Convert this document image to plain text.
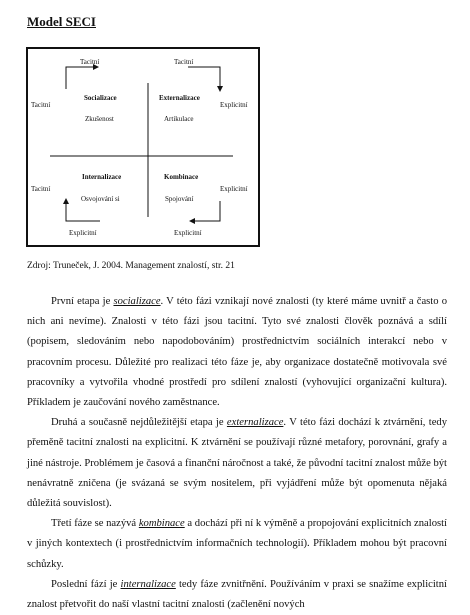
Model SECI
Tacitní
Tacitní
Tacitní
Explicitní
Tacitní
Explicitní
Explicitní
Explicitní
Socializace
Zkušenost
Externalizace
Artikulace
Internalizace
Osvojování si
Kombinace
Spojování
Zdroj: Truneček, J. 2004. Management znalostí, str. 21

První etapa je socializace. V této fázi vznikají nové znalosti (ty které máme uvnitř a často o nich ani nevíme). Znalosti v této fázi jsou tacitní. Tyto své znalosti člověk poznává a sdílí (popisem, sledováním nebo napodobováním) prostřednictvím sociálních interakcí nebo v pracovním procesu. Důležité pro realizaci této fáze je, aby organizace dostatečně motivovala své pracovníky a vytvořila vhodné prostředí pro sdílení znalostí (vyhovující organizační kultura). Příkladem je zaučování nového zaměstnance.

Druhá a současně nejdůležitější etapa je externalizace. V této fázi dochází k ztvárnění, tedy přeměně tacitní znalosti na explicitní. K ztvárnění se používají různé metafory, porovnání, grafy a jiné nástroje. Problémem je časová a finanční náročnost a také, že původní tacitní znalost může být nenávratně zničena (je svázaná se svým nositelem, při vyjádření může být opomenuta nějaká důležitá souvislost).

Třetí fáze se nazývá kombinace a dochází při ní k výměně a propojování explicitních znalostí v jiných kontextech (i prostřednictvím informačních technologií). Příkladem mohou být pracovní schůzky.

Poslední fází je internalizace tedy fáze zvnitřnění. Používáním v praxi se snažíme explicitní znalost přetvořit do naší vlastní tacitní znalosti (začlenění nových
